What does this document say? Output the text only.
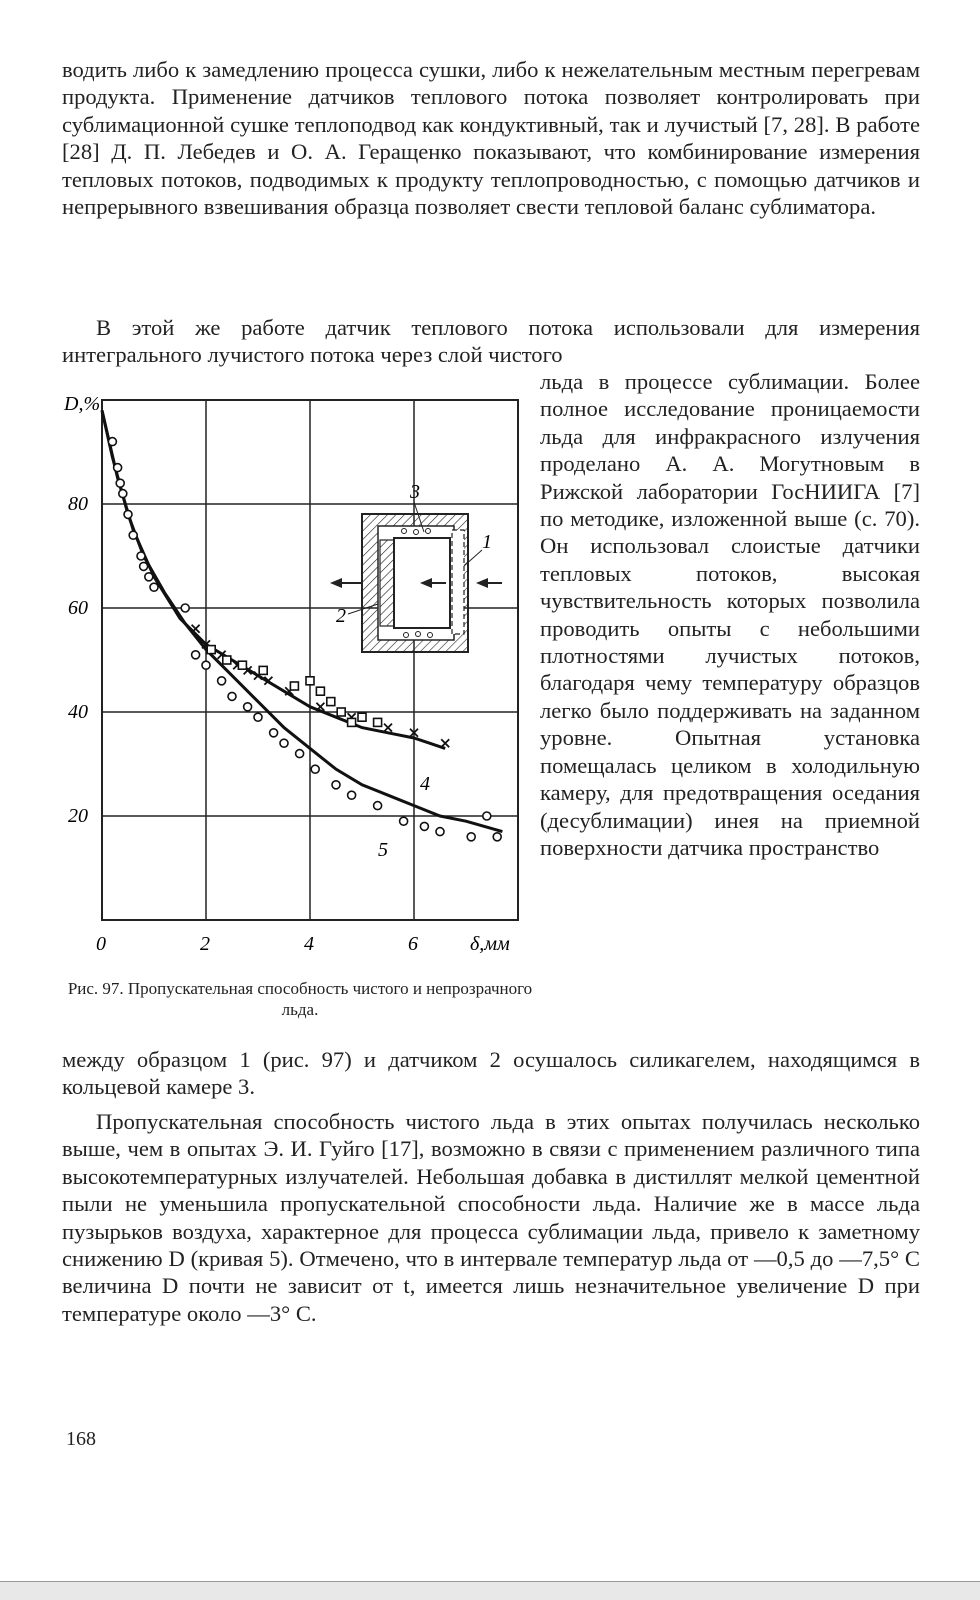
водить либо к замедлению процесса сушки, либо к нежелательным местным перегревам продукта. Применение датчиков теплового потока позволяет контролировать при сублимационной сушке теплоподвод как кондуктивный, так и лучистый [7, 28]. В работе [28] Д. П. Лебедев и О. А. Геращенко показывают, что комбинирование измерения тепловых потоков, подводимых к продукту теплопроводностью, с помощью датчиков и непрерывного взвешивания образца позволяет свести тепловой баланс сублиматора.

В этой же работе датчик теплового потока использовали для измерения интегрального лучистого потока через слой чистого

льда в процессе сублимации. Более полное исследование проницаемости льда для инфракрасного излучения проделано А. А. Могутновым в Рижской лаборатории ГосНИИГА [7] по методике, изложенной выше (с. 70). Он использовал слоистые датчики тепловых потоков, высокая чувствительность которых позволила проводить опыты с небольшими плотностями лучистых потоков, благодаря чему температуру образцов легко было поддерживать на заданном уровне. Опытная установка помещалась целиком в холодильную камеру, для предотвращения оседания (десублимации) инея на приемной поверхности датчика пространство

0	2	4	6
20
40
60
80
D,%
δ,мм
3
1
2
4
5
Рис. 97. Пропускательная способность чистого и непрозрачного льда.

между образцом 1 (рис. 97) и датчиком 2 осушалось силикагелем, находящимся в кольцевой камере 3.

Пропускательная способность чистого льда в этих опытах получилась несколько выше, чем в опытах Э. И. Гуйго [17], возможно в связи с применением различного типа высокотемпературных излучателей. Небольшая добавка в дистиллят мелкой цементной пыли не уменьшила пропускательной способности льда. Наличие же в массе льда пузырьков воздуха, характерное для процесса сублимации льда, привело к заметному снижению D (кривая 5). Отмечено, что в интервале температур льда от —0,5 до —7,5° С величина D почти не зависит от t, имеется лишь незначительное увеличение D при температуре около —3° С.

168
